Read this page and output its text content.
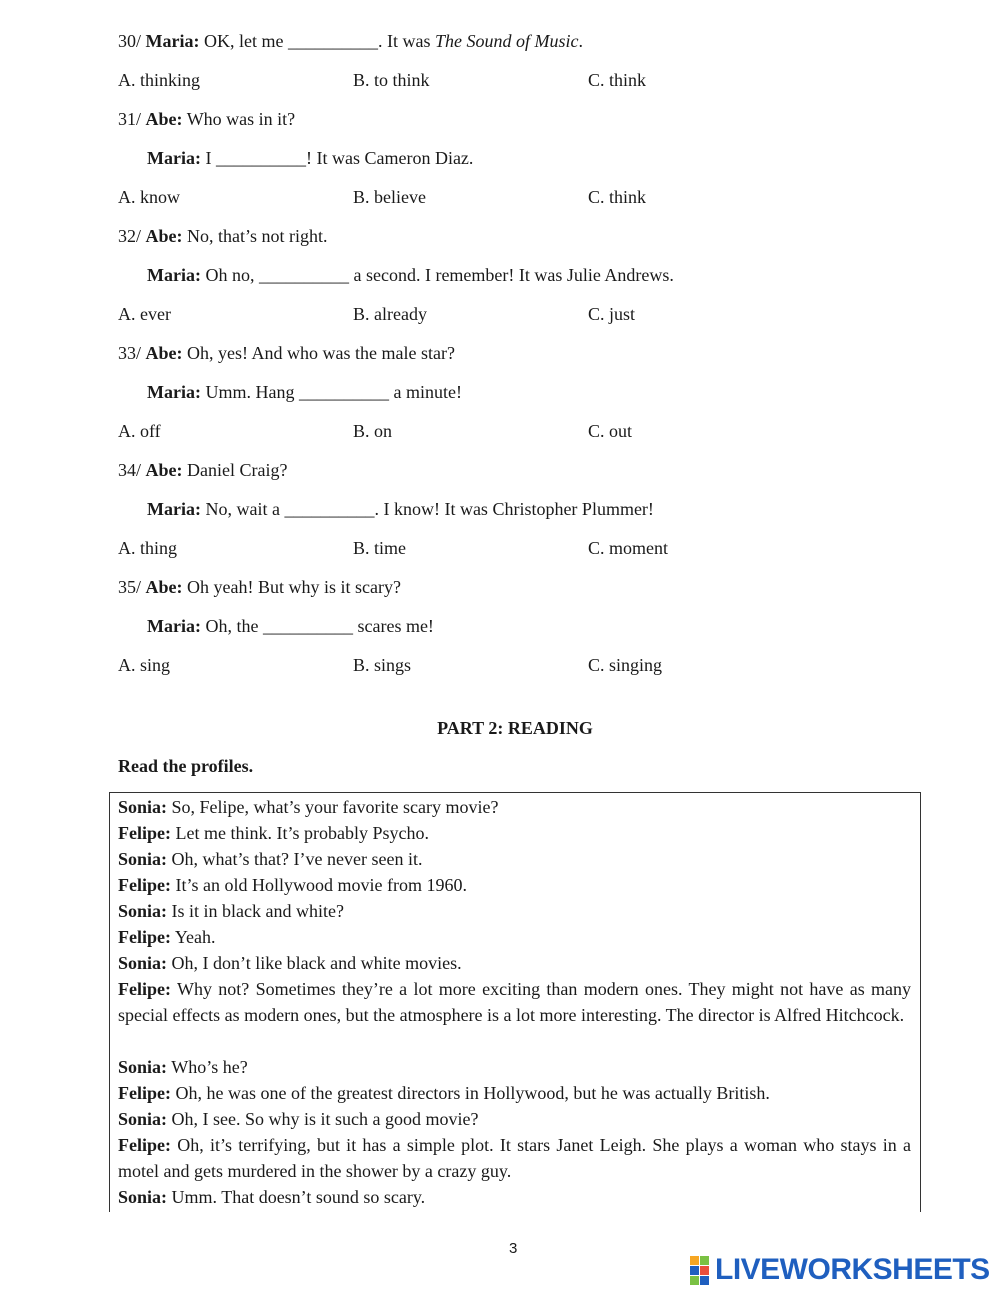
30/ Maria: OK, let me __________. It was The Sound of Music.
A. thinking	B. to think	C. think
31/ Abe: Who was in it?
Maria: I __________! It was Cameron Diaz.
A. know	B. believe	C. think
32/ Abe: No, that’s not right.
Maria: Oh no, __________ a second. I remember! It was Julie Andrews.
A. ever	B. already	C. just
33/ Abe: Oh, yes! And who was the male star?
Maria: Umm. Hang __________ a minute!
A. off	B. on	C. out
34/ Abe: Daniel Craig?
Maria: No, wait a __________. I know! It was Christopher Plummer!
A. thing	B. time	C. moment
35/ Abe: Oh yeah! But why is it scary?
Maria: Oh, the __________ scares me!
A. sing	B. sings	C. singing
PART 2: READING
Read the profiles.
Sonia: So, Felipe, what’s your favorite scary movie?
Felipe: Let me think. It’s probably Psycho.
Sonia: Oh, what’s that? I’ve never seen it.
Felipe: It’s an old Hollywood movie from 1960.
Sonia: Is it in black and white?
Felipe: Yeah.
Sonia: Oh, I don’t like black and white movies.
Felipe: Why not? Sometimes they’re a lot more exciting than modern ones. They might not have as many special effects as modern ones, but the atmosphere is a lot more interesting. The director is Alfred Hitchcock.
Sonia: Who’s he?
Felipe: Oh, he was one of the greatest directors in Hollywood, but he was actually British.
Sonia: Oh, I see. So why is it such a good movie?
Felipe: Oh, it’s terrifying, but it has a simple plot. It stars Janet Leigh. She plays a woman who stays in a motel and gets murdered in the shower by a crazy guy.
Sonia: Umm. That doesn’t sound so scary.
3
LIVEWORKSHEETS
